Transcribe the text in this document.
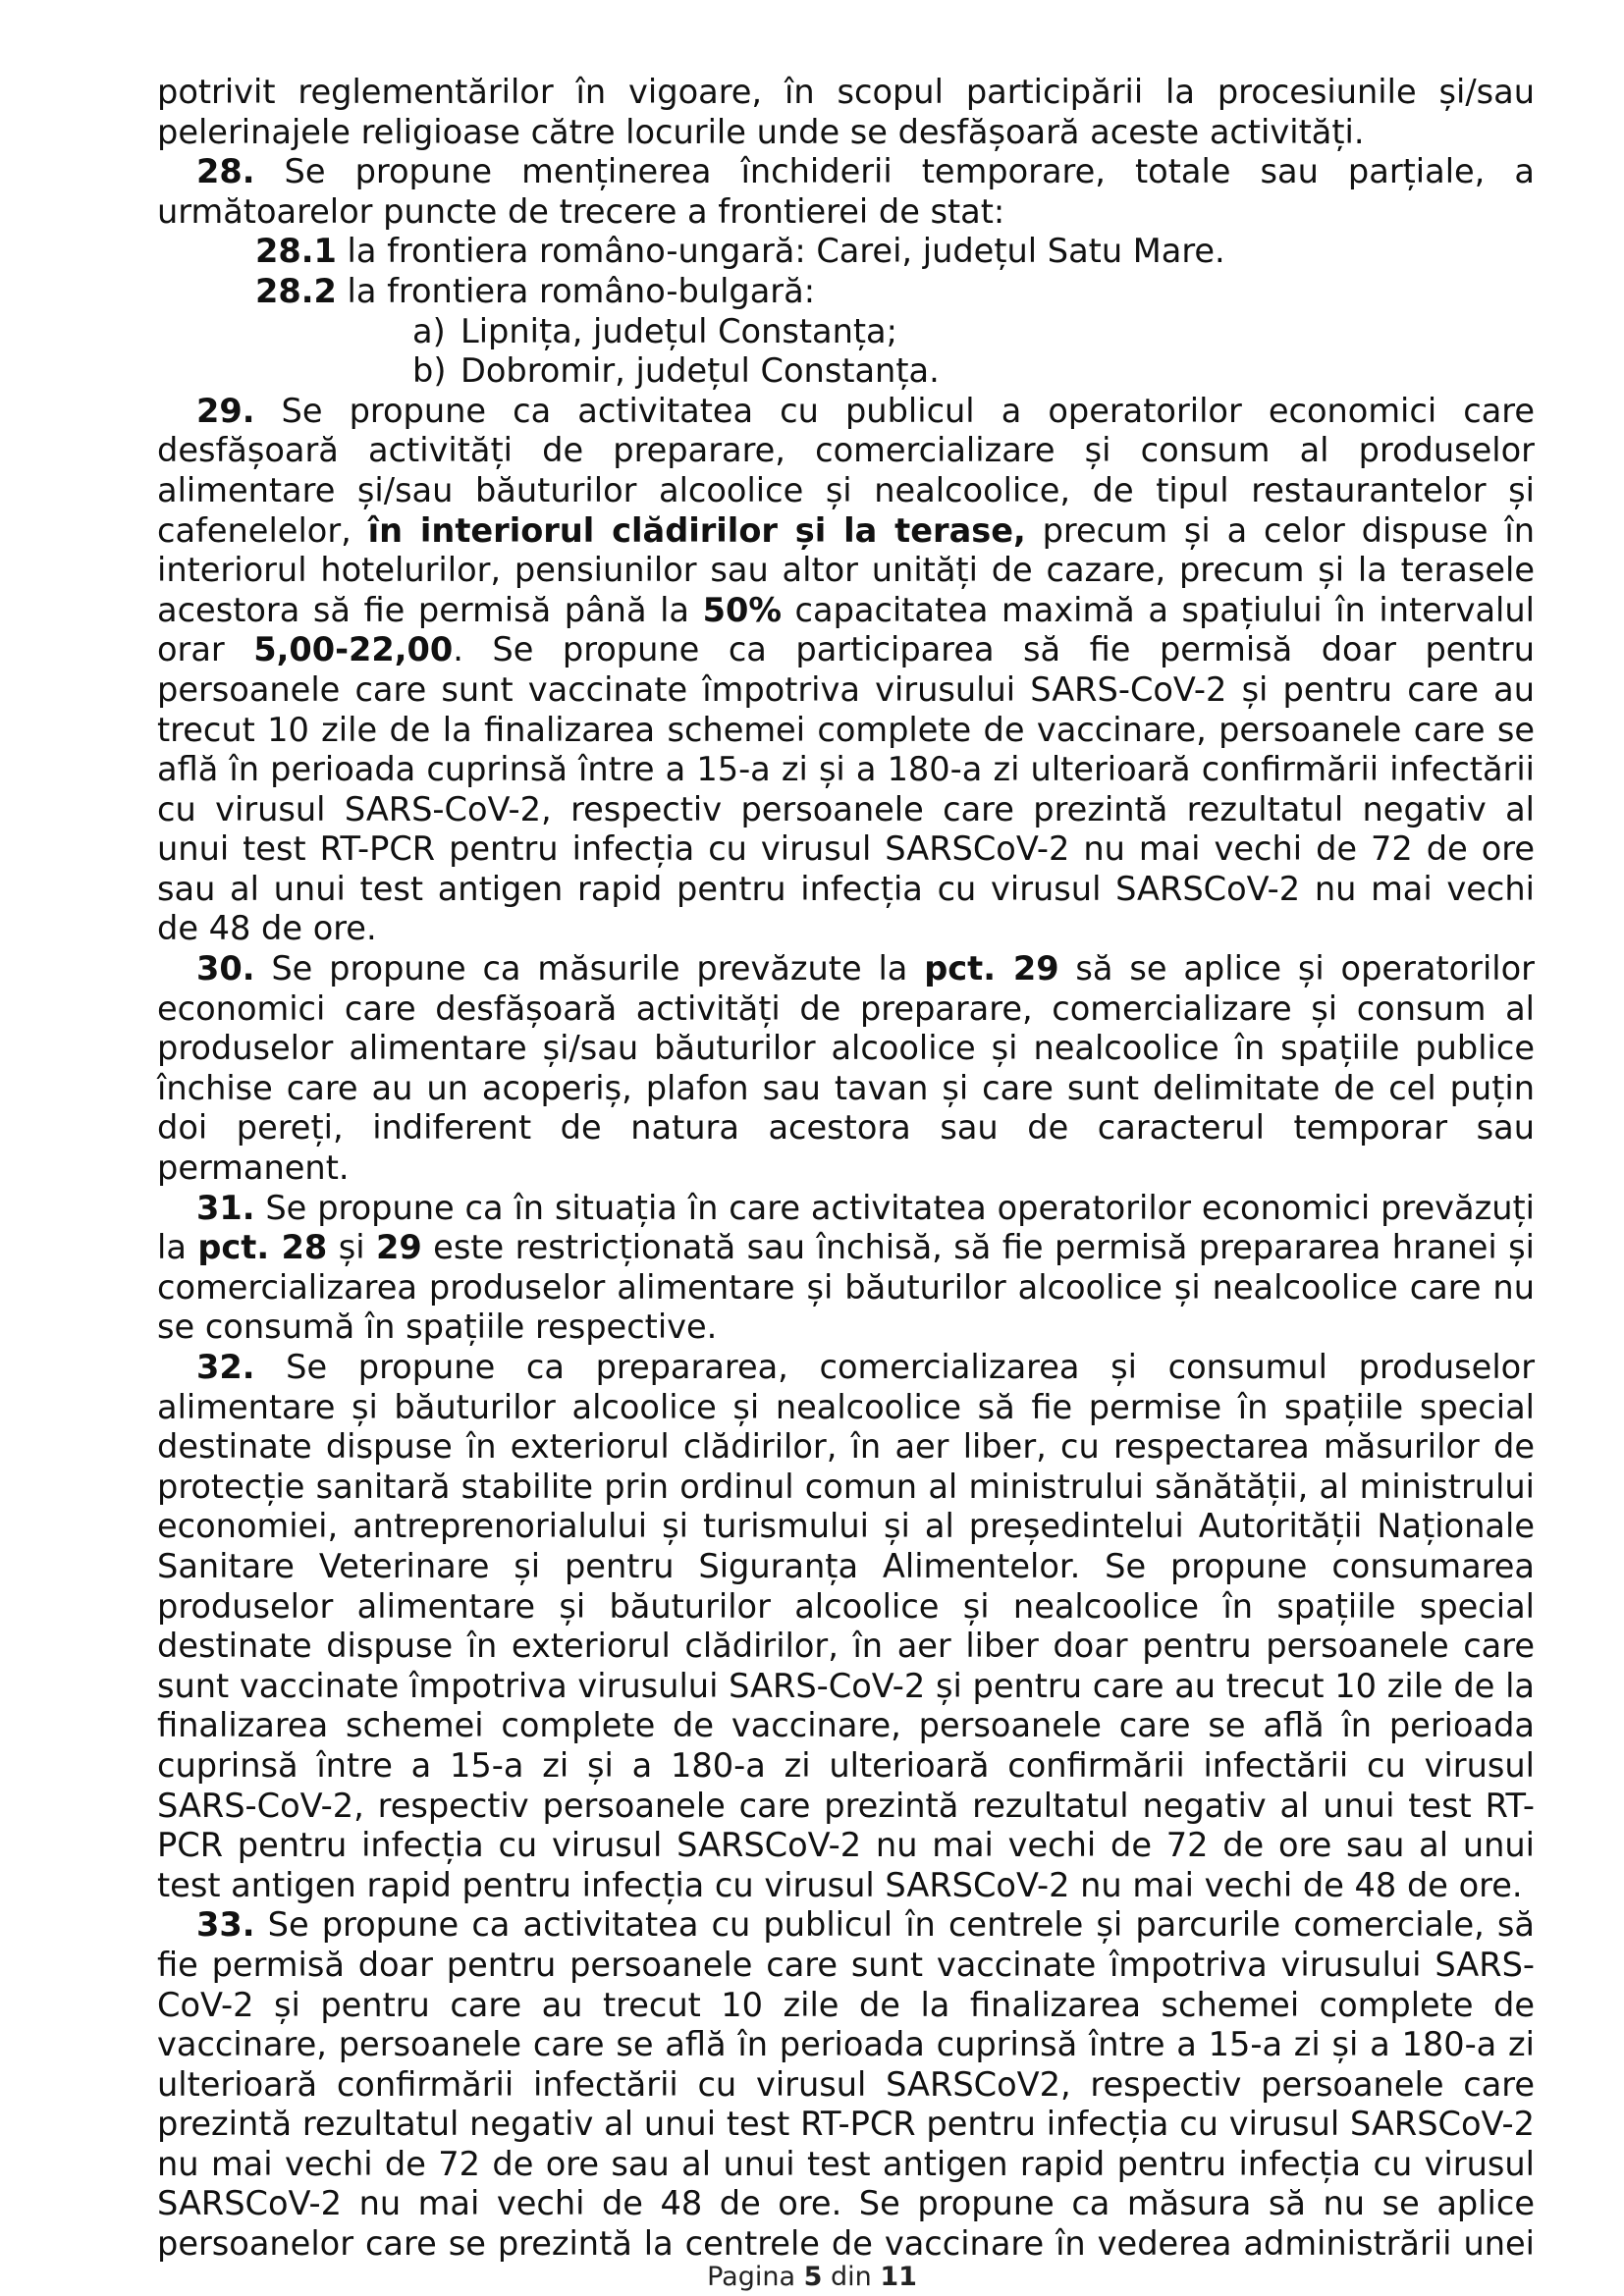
potrivit reglementărilor în vigoare, în scopul participării la procesiunile și/sau pelerinajele religioase către locurile unde se desfășoară aceste activități.

28. Se propune menținerea închiderii temporare, totale sau parțiale, a următoarelor puncte de trecere a frontierei de stat:

28.1 la frontiera româno-ungară: Carei, județul Satu Mare.
28.2 la frontiera româno-bulgară:
a) Lipnița, județul Constanța;
b) Dobromir, județul Constanța.

29. Se propune ca activitatea cu publicul a operatorilor economici care desfășoară activități de preparare, comercializare și consum al produselor alimentare și/sau băuturilor alcoolice și nealcoolice, de tipul restaurantelor și cafenelelor, în interiorul clădirilor și la terase, precum și a celor dispuse în interiorul hotelurilor, pensiunilor sau altor unități de cazare, precum și la terasele acestora să fie permisă până la 50% capacitatea maximă a spațiului în intervalul orar 5,00-22,00. Se propune ca participarea să fie permisă doar pentru persoanele care sunt vaccinate împotriva virusului SARS-CoV-2 și pentru care au trecut 10 zile de la finalizarea schemei complete de vaccinare, persoanele care se află în perioada cuprinsă între a 15-a zi și a 180-a zi ulterioară confirmării infectării cu virusul SARS-CoV-2, respectiv persoanele care prezintă rezultatul negativ al unui test RT-PCR pentru infecția cu virusul SARSCoV-2 nu mai vechi de 72 de ore sau al unui test antigen rapid pentru infecția cu virusul SARSCoV-2 nu mai vechi de 48 de ore.

30. Se propune ca măsurile prevăzute la pct. 29 să se aplice și operatorilor economici care desfășoară activități de preparare, comercializare și consum al produselor alimentare și/sau băuturilor alcoolice și nealcoolice în spațiile publice închise care au un acoperiș, plafon sau tavan și care sunt delimitate de cel puțin doi pereți, indiferent de natura acestora sau de caracterul temporar sau permanent.

31. Se propune ca în situația în care activitatea operatorilor economici prevăzuți la pct. 28 și 29 este restricționată sau închisă, să fie permisă prepararea hranei și comercializarea produselor alimentare și băuturilor alcoolice și nealcoolice care nu se consumă în spațiile respective.

32. Se propune ca prepararea, comercializarea și consumul produselor alimentare și băuturilor alcoolice și nealcoolice să fie permise în spațiile special destinate dispuse în exteriorul clădirilor, în aer liber, cu respectarea măsurilor de protecție sanitară stabilite prin ordinul comun al ministrului sănătății, al ministrului economiei, antreprenorialului și turismului și al președintelui Autorității Naționale Sanitare Veterinare și pentru Siguranța Alimentelor. Se propune consumarea produselor alimentare și băuturilor alcoolice și nealcoolice în spațiile special destinate dispuse în exteriorul clădirilor, în aer liber doar pentru persoanele care sunt vaccinate împotriva virusului SARS-CoV-2 și pentru care au trecut 10 zile de la finalizarea schemei complete de vaccinare, persoanele care se află în perioada cuprinsă între a 15-a zi și a 180-a zi ulterioară confirmării infectării cu virusul SARS-CoV-2, respectiv persoanele care prezintă rezultatul negativ al unui test RT-PCR pentru infecția cu virusul SARSCoV-2 nu mai vechi de 72 de ore sau al unui test antigen rapid pentru infecția cu virusul SARSCoV-2 nu mai vechi de 48 de ore.

33. Se propune ca activitatea cu publicul în centrele și parcurile comerciale, să fie permisă doar pentru persoanele care sunt vaccinate împotriva virusului SARS-CoV-2 și pentru care au trecut 10 zile de la finalizarea schemei complete de vaccinare, persoanele care se află în perioada cuprinsă între a 15-a zi și a 180-a zi ulterioară confirmării infectării cu virusul SARSCoV2, respectiv persoanele care prezintă rezultatul negativ al unui test RT-PCR pentru infecția cu virusul SARSCoV-2 nu mai vechi de 72 de ore sau al unui test antigen rapid pentru infecția cu virusul SARSCoV-2 nu mai vechi de 48 de ore. Se propune ca măsura să nu se aplice persoanelor care se prezintă la centrele de vaccinare în vederea administrării unei

Pagina 5 din 11
